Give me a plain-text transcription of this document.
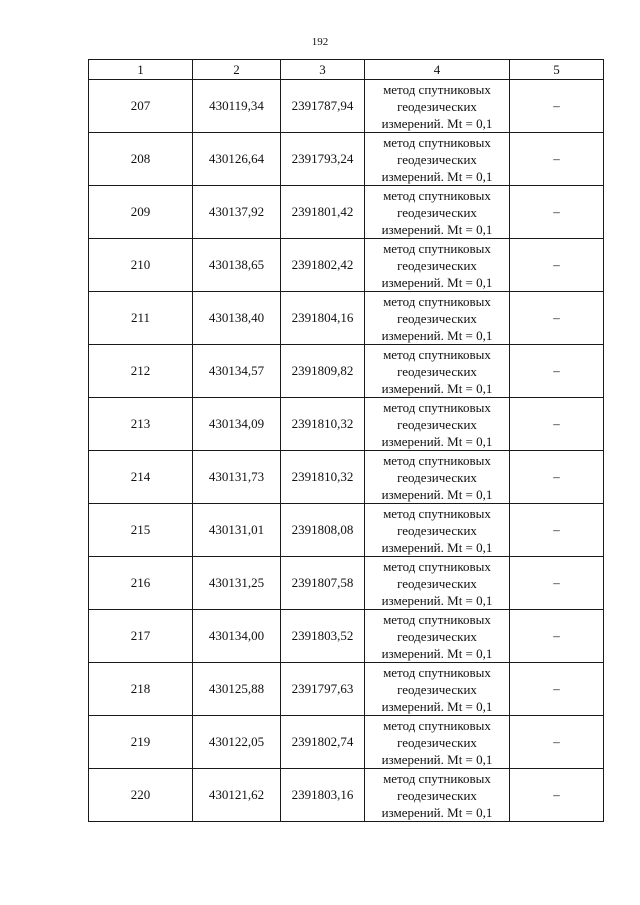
192
1	2	3	4	5
207	430119,34	2391787,94	метод спутниковых
геодезических
измерений. Mt = 0,1	–
208	430126,64	2391793,24	метод спутниковых
геодезических
измерений. Mt = 0,1	–
209	430137,92	2391801,42	метод спутниковых
геодезических
измерений. Mt = 0,1	–
210	430138,65	2391802,42	метод спутниковых
геодезических
измерений. Mt = 0,1	–
211	430138,40	2391804,16	метод спутниковых
геодезических
измерений. Mt = 0,1	–
212	430134,57	2391809,82	метод спутниковых
геодезических
измерений. Mt = 0,1	–
213	430134,09	2391810,32	метод спутниковых
геодезических
измерений. Mt = 0,1	–
214	430131,73	2391810,32	метод спутниковых
геодезических
измерений. Mt = 0,1	–
215	430131,01	2391808,08	метод спутниковых
геодезических
измерений. Mt = 0,1	–
216	430131,25	2391807,58	метод спутниковых
геодезических
измерений. Mt = 0,1	–
217	430134,00	2391803,52	метод спутниковых
геодезических
измерений. Mt = 0,1	–
218	430125,88	2391797,63	метод спутниковых
геодезических
измерений. Mt = 0,1	–
219	430122,05	2391802,74	метод спутниковых
геодезических
измерений. Mt = 0,1	–
220	430121,62	2391803,16	метод спутниковых
геодезических
измерений. Mt = 0,1	–
